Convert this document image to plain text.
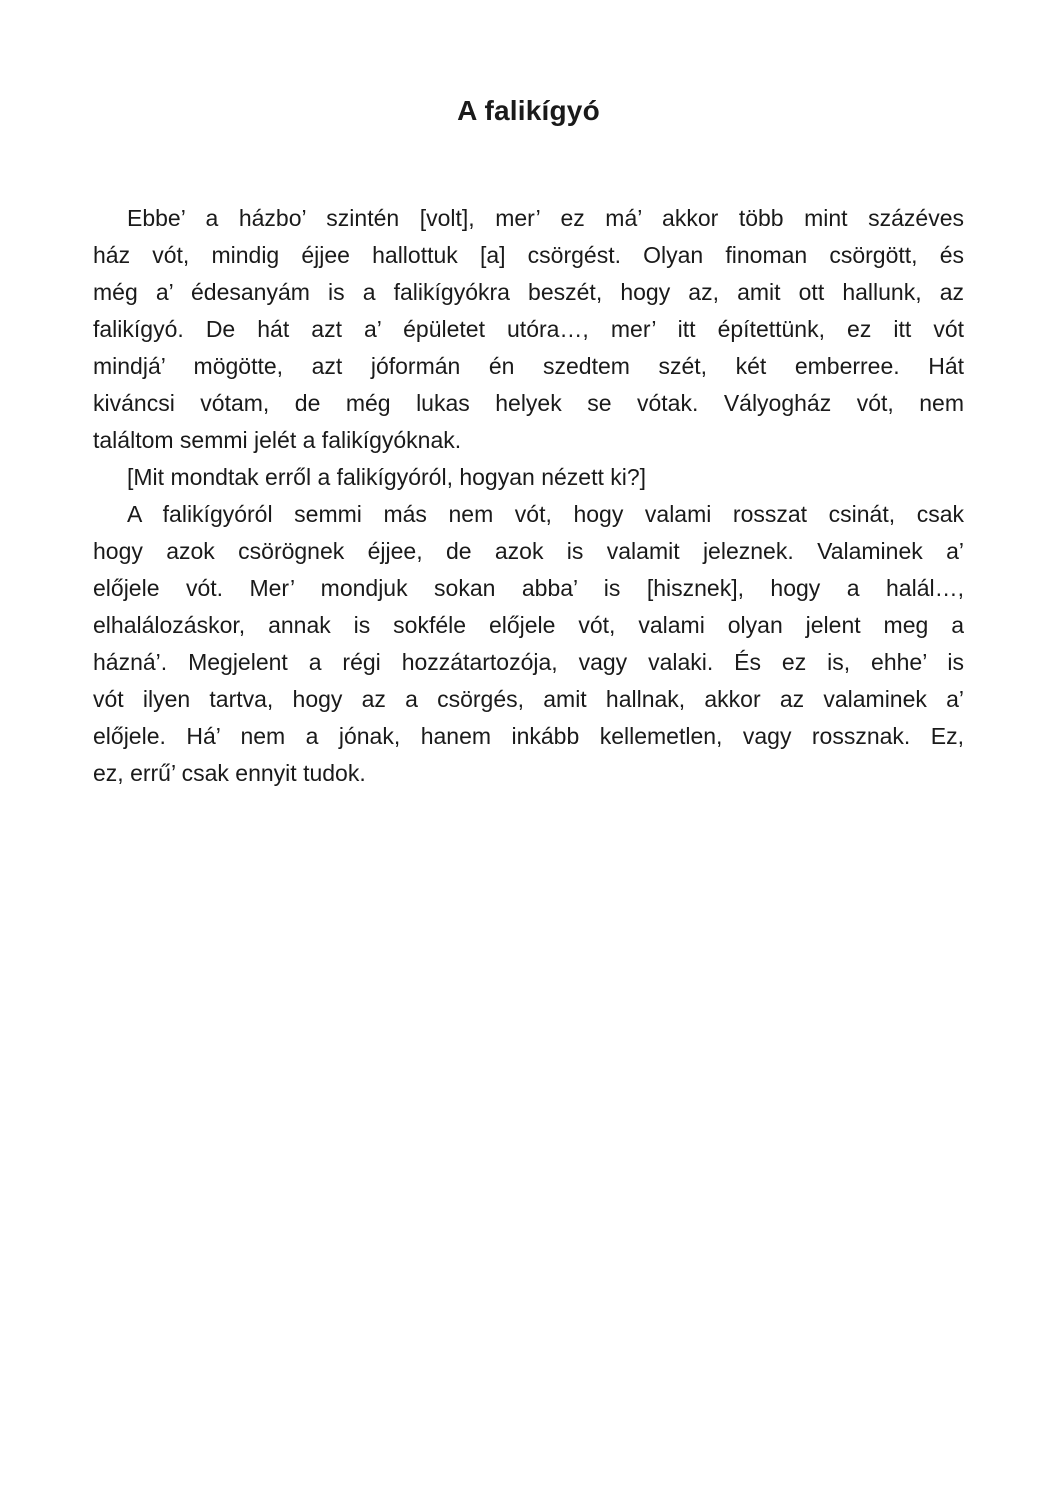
A falikígyó
Ebbe’ a házbo’ szintén [volt], mer’ ez má’ akkor több mint százéves
ház vót, mindig éjjee hallottuk [a] csörgést. Olyan finoman csörgött, és
még a’ édesanyám is a falikígyókra beszét, hogy az, amit ott hallunk, az
falikígyó. De hát azt a’ épületet utóra…, mer’ itt építettünk, ez itt vót
mindjá’ mögötte, azt jóformán én szedtem szét, két emberree. Hát
kiváncsi vótam, de még lukas helyek se vótak. Vályogház vót, nem
találtom semmi jelét a falikígyóknak.
[Mit mondtak erről a falikígyóról, hogyan nézett ki?]
A falikígyóról semmi más nem vót, hogy valami rosszat csinát, csak
hogy azok csörögnek éjjee, de azok is valamit jeleznek. Valaminek a’
előjele vót. Mer’ mondjuk sokan abba’ is [hisznek], hogy a halál…,
elhalálozáskor, annak is sokféle előjele vót, valami olyan jelent meg a
házná’. Megjelent a régi hozzátartozója, vagy valaki. És ez is, ehhe’ is
vót ilyen tartva, hogy az a csörgés, amit hallnak, akkor az valaminek a’
előjele. Há’ nem a jónak, hanem inkább kellemetlen, vagy rossznak. Ez,
ez, errű’ csak ennyit tudok.
